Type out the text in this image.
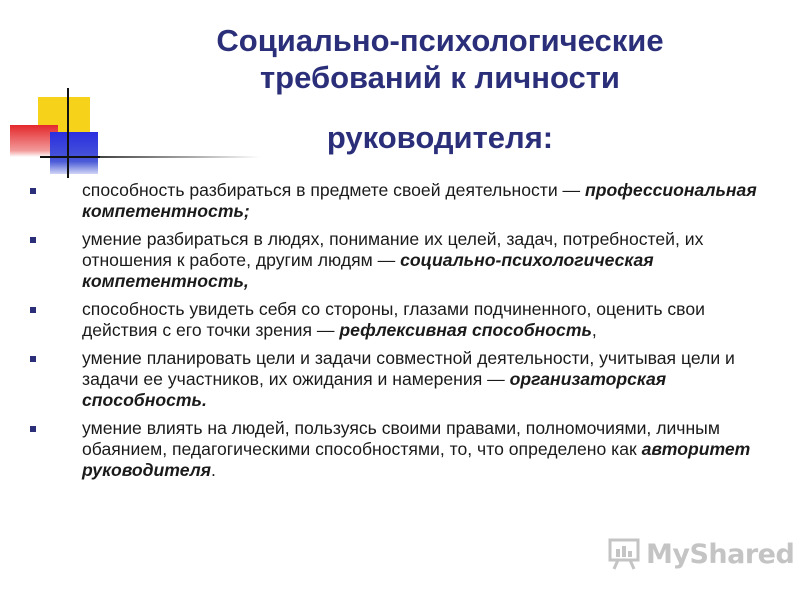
Социально-психологические
требований к личности
руководителя:
способность разбираться в предмете своей деятельности — профессиональная компетентность;
умение разбираться в людях, понимание их целей, задач, потребностей, их отношения к работе, другим людям — социально-психологическая компетентность,
способность увидеть себя со стороны, глазами подчиненного, оценить свои действия с его точки зрения — рефлексивная способность,
умение планировать цели и задачи совместной деятельности, учитывая цели и задачи ее участников, их ожидания и намерения — организаторская способность.
умение влиять на людей, пользуясь своими правами, полномочиями, личным обаянием, педагогическими способностями, то, что определено как авторитет руководителя.
MyShared
